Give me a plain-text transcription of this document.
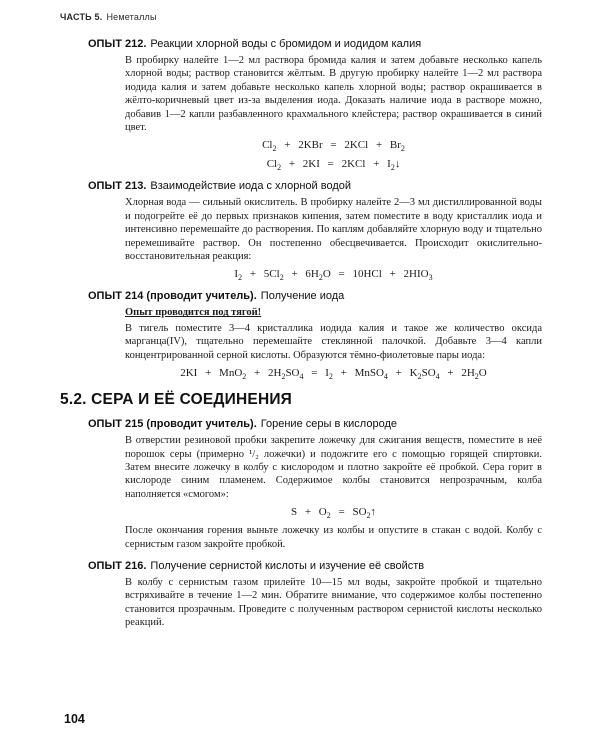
ЧАСТЬ 5. Неметаллы
ОПЫТ 212. Реакции хлорной воды с бромидом и иодидом калия

В пробирку налейте 1—2 мл раствора бромида калия и затем добавьте несколько капель хлорной воды; раствор становится жёлтым. В другую пробирку налейте 1—2 мл раствора иодида калия и затем добавьте несколько капель хлорной воды; раствор окрашивается в жёлто-коричневый цвет из-за выделения иода. Доказать наличие иода в растворе можно, добавив 1—2 капли разбавленного крахмального клейстера; раствор окрашивается в синий цвет.

$Cl_2 + 2KBr = 2KCl + Br_2$
$Cl_2 + 2KI = 2KCl$ + $I_2↓$
ОПЫТ 213. Взаимодействие иода с хлорной водой

Хлорная вода — сильный окислитель. В пробирку налейте 2—3 мл дистиллированной воды и подогрейте её до первых признаков кипения, затем поместите в воду кристаллик иода и интенсивно перемешайте до растворения. По каплям добавляйте хлорную воду и тщательно перемешивайте раствор. Он постепенно обесцвечивается. Происходит окислительно-восстановительная реакция:

$I_2 + 5Cl_2 + 6H_2O = 10HCl + 2HIO_3$
ОПЫТ 214 (проводит учитель). Получение иода

Опыт проводится под тягой!

В тигель поместите 3—4 кристаллика иодида калия и такое же количество оксида марганца(IV), тщательно перемешайте стеклянной палочкой. Добавьте 3—4 капли концентрированной серной кислоты. Образуются тёмно-фиолетовые пары иода:

$2KI + MnO_2 + 2H_2SO_4 = I_2$ + MnSO$_4$ + $K_2SO_4 + 2H_2O$
5.2. СЕРА И ЕЁ СОЕДИНЕНИЯ
ОПЫТ 215 (проводит учитель). Горение серы в кислороде

В отверстии резиновой пробки закрепите ложечку для сжигания веществ, поместите в неё порошок серы (примерно ¹/₂ ложечки) и подожгите его с помощью горящей спиртовки. Затем внесите ложечку в колбу с кислородом и плотно закройте её пробкой. Сера горит в кислороде синим пламенем. Содержимое колбы становится непрозрачным, колба наполняется «смогом»:

$S + O_2$ = $SO_2↑$

После окончания горения выньте ложечку из колбы и опустите в стакан с водой. Колбу с сернистым газом закройте пробкой.

ОПЫТ 216. Получение сернистой кислоты и изучение её свойств

В колбу с сернистым газом прилейте 10—15 мл воды, закройте пробкой и тщательно встряхивайте в течение 1—2 мин. Обратите внимание, что содержимое колбы постепенно становится прозрачным. Проведите с полученным раствором сернистой кислоты несколько реакций.

104
